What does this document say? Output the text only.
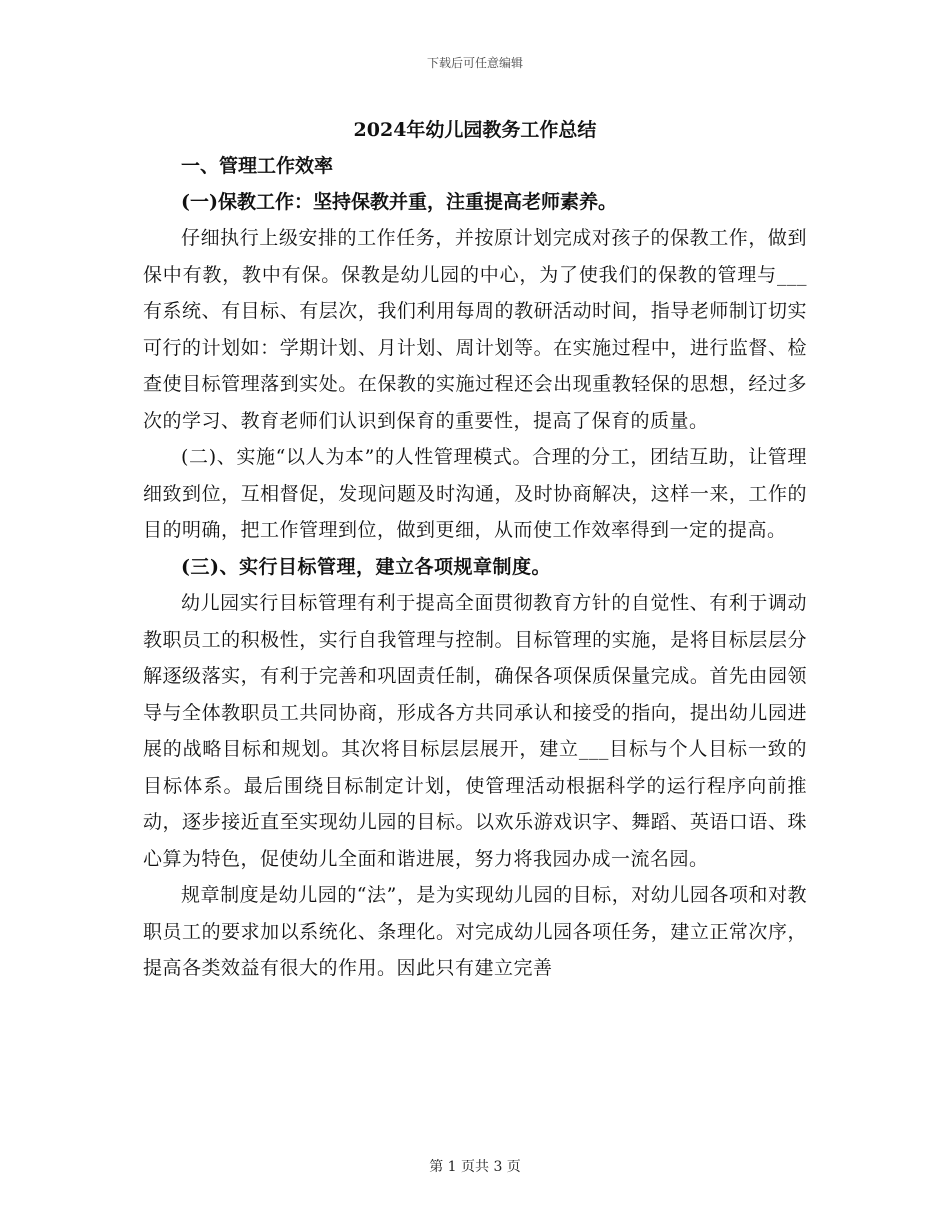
下载后可任意编辑
2024年幼儿园教务工作总结

一、管理工作效率

(一)保教工作：坚持保教并重，注重提高老师素养。

仔细执行上级安排的工作任务，并按原计划完成对孩子的保教工作，做到保中有教，教中有保。保教是幼儿园的中心，为了使我们的保教的管理与___有系统、有目标、有层次，我们利用每周的教研活动时间，指导老师制订切实可行的计划如：学期计划、月计划、周计划等。在实施过程中，进行监督、检查使目标管理落到实处。在保教的实施过程还会出现重教轻保的思想，经过多次的学习、教育老师们认识到保育的重要性，提高了保育的质量。

(二)、实施“以人为本”的人性管理模式。合理的分工，团结互助，让管理细致到位，互相督促，发现问题及时沟通，及时协商解决，这样一来，工作的目的明确，把工作管理到位，做到更细，从而使工作效率得到一定的提高。

(三)、实行目标管理，建立各项规章制度。

幼儿园实行目标管理有利于提高全面贯彻教育方针的自觉性、有利于调动教职员工的积极性，实行自我管理与控制。目标管理的实施，是将目标层层分解逐级落实，有利于完善和巩固责任制，确保各项保质保量完成。首先由园领导与全体教职员工共同协商，形成各方共同承认和接受的指向，提出幼儿园进展的战略目标和规划。其次将目标层层展开，建立___目标与个人目标一致的目标体系。最后围绕目标制定计划，使管理活动根据科学的运行程序向前推动，逐步接近直至实现幼儿园的目标。以欢乐游戏识字、舞蹈、英语口语、珠心算为特色，促使幼儿全面和谐进展，努力将我园办成一流名园。

规章制度是幼儿园的“法”，是为实现幼儿园的目标，对幼儿园各项和对教职员工的要求加以系统化、条理化。对完成幼儿园各项任务，建立正常次序，提高各类效益有很大的作用。因此只有建立完善

第 1 页共 3 页
